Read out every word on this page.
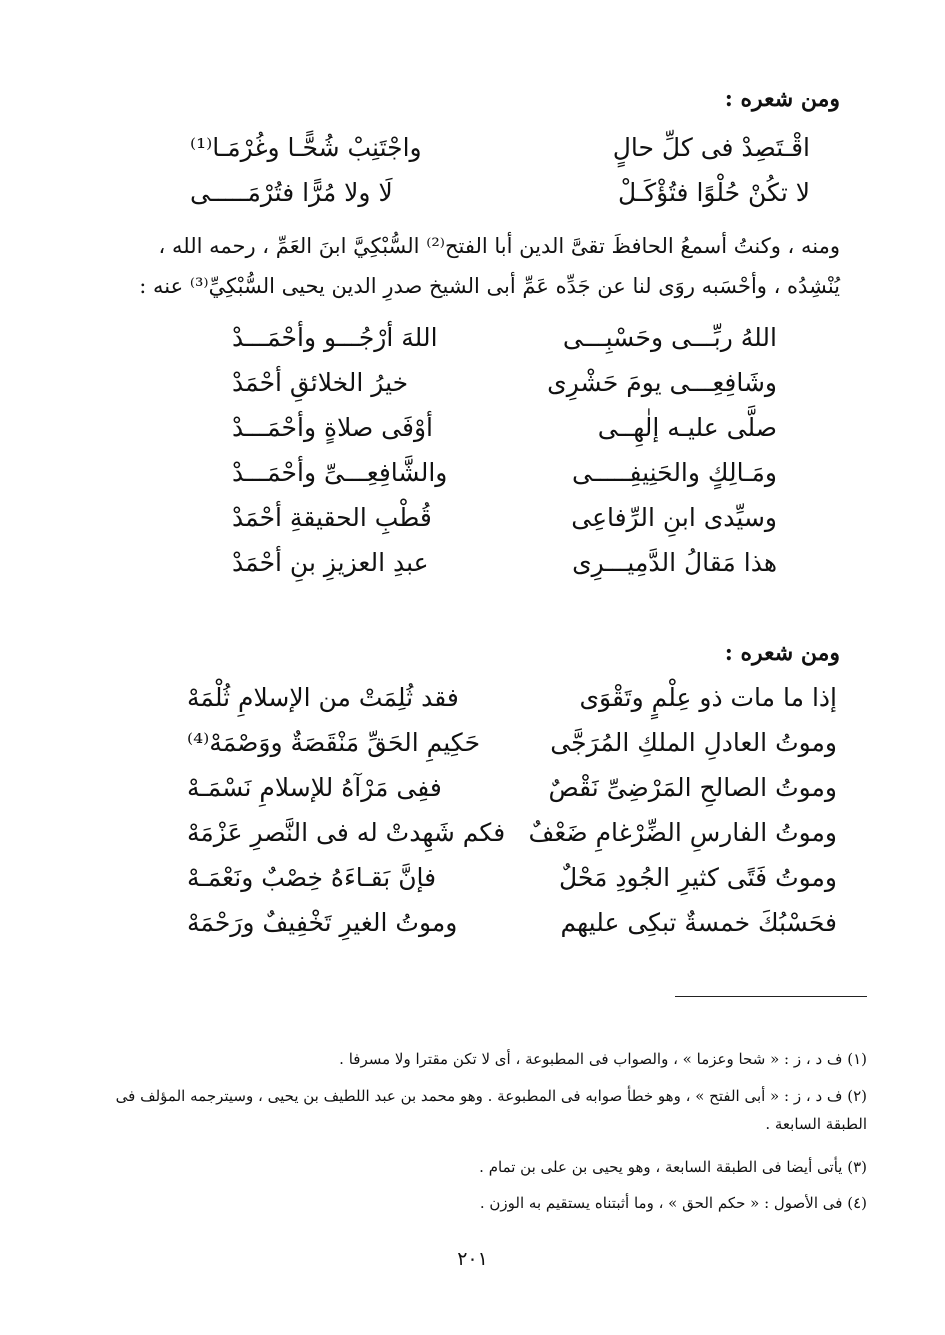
ومن شعره :
اقْـتَصِدْ فى كلِّ حالٍ
واجْتَنِبْ شُحًّـا وغُرْمَـا⁽¹⁾
لا تكُنْ حُلْوًا فتُؤْكَـلْ
لَا ولا مُرًّا فتُرْمَـــــى
ومنه ، وكنتُ أسمعُ الحافظَ تقىَّ الدين أبا الفتح⁽²⁾ السُّبْكِيَّ ابنَ العَمِّ ، رحمه الله ،
يُنْشِدُه ، وأحْسَبه روَى لنا عن جَدِّه عَمِّ أبى الشيخ صدرِ الدين يحيى السُّبْكِيِّ⁽³⁾ عنه :
اللهُ ربِّـــى وحَسْبِـــى
اللهَ أرْجُـــو وأحْمَـــدْ
وشَافِعِـــى يومَ حَشْرِى
خيرُ الخلائقِ أحْمَدْ
صلَّى عليـه إلٰهِــى
أوْفَى صلاةٍ وأحْمَـــدْ
ومَـالِكٍ والحَنِيفِـــــى
والشَّافِعِـــىِّ وأحْمَـــدْ
وسيِّدى ابنِ الرِّفاعِى
قُطْبِ الحقيقةِ أحْمَدْ
هذا مَقالُ الدَّمِيـــرِى
عبدِ العزيزِ بنِ أحْمَدْ
ومن شعره :
إذا ما مات ذو عِلْمٍ وتَقْوَى
فقد ثُلِمَتْ من الإسلامِ ثُلْمَهْ
وموتُ العادلِ الملكِ المُرَجَّى
حَكِيمِ الحَقِّ مَنْقَصَةٌ ووَصْمَهْ⁽⁴⁾
وموتُ الصالحِ المَرْضِىِّ نَقْصٌ
ففِى مَرْآهُ للإسلامِ نَسْمَـهْ
وموتُ الفارسِ الضِّرْغامِ ضَعْفٌ
فكم شَهِدتْ له فى النَّصرِ عَزْمَهْ
وموتُ فَتًى كثيرِ الجُودِ مَحْلٌ
فإنَّ بَقـاءَهُ خِصْبٌ ونَعْمَـهْ
فحَسْبُكَ خمسةٌ تبكِى عليهم
وموتُ الغيرِ تَخْفِيفٌ ورَحْمَهْ
(١) ف د ، ز : « شحا وعزما » ، والصواب فى المطبوعة ، أى لا تكن مقترا ولا مسرفا .
(٢) ف د ، ز : « أبى الفتح » ، وهو خطأ صوابه فى المطبوعة . وهو محمد بن عبد اللطيف بن يحيى ، وسيترجمه المؤلف فى الطبقة السابعة .
(٣) يأتى أيضا فى الطبقة السابعة ، وهو يحيى بن على بن تمام .
(٤) فى الأصول : « حكم الحق » ، وما أثبتناه يستقيم به الوزن .
٢٠١
